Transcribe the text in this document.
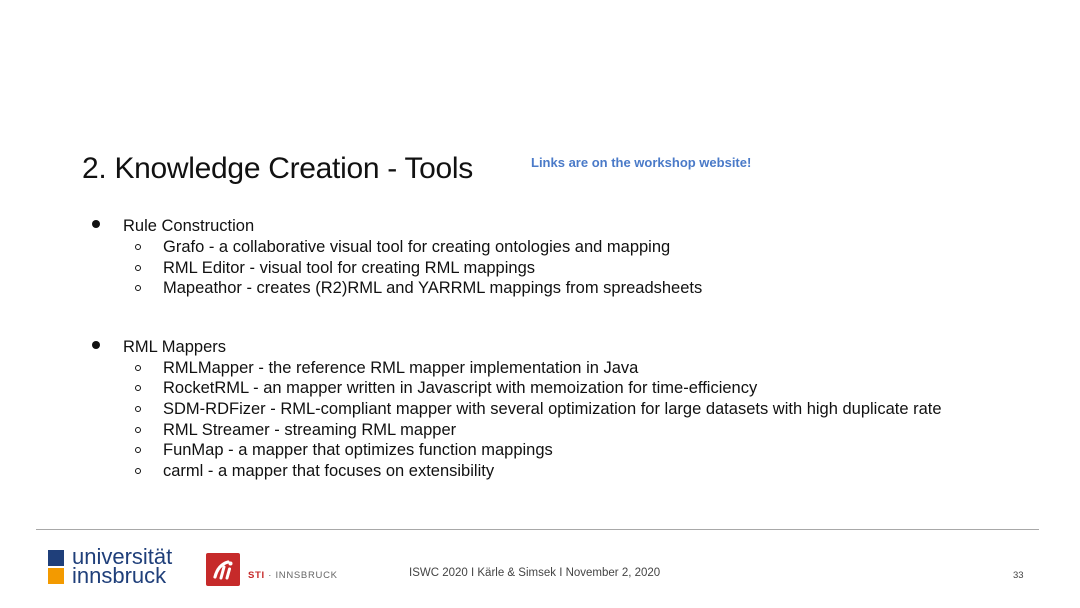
2. Knowledge Creation - Tools	Links are on the workshop website!
Rule Construction
Grafo - a collaborative visual tool for creating ontologies and mapping
RML Editor - visual tool for creating RML mappings
Mapeathor - creates (R2)RML and YARRML mappings from spreadsheets
RML Mappers
RMLMapper - the reference RML mapper implementation in Java
RocketRML - an mapper written in Javascript with memoization for time-efficiency
SDM-RDFizer - RML-compliant mapper with several optimization for large datasets with high duplicate rate
RML Streamer - streaming RML mapper
FunMap - a mapper that optimizes function mappings
carml - a mapper that focuses on extensibility
universität
innsbruck	STI · INNSBRUCK	ISWC 2020 I Kärle & Simsek I November 2, 2020	33
